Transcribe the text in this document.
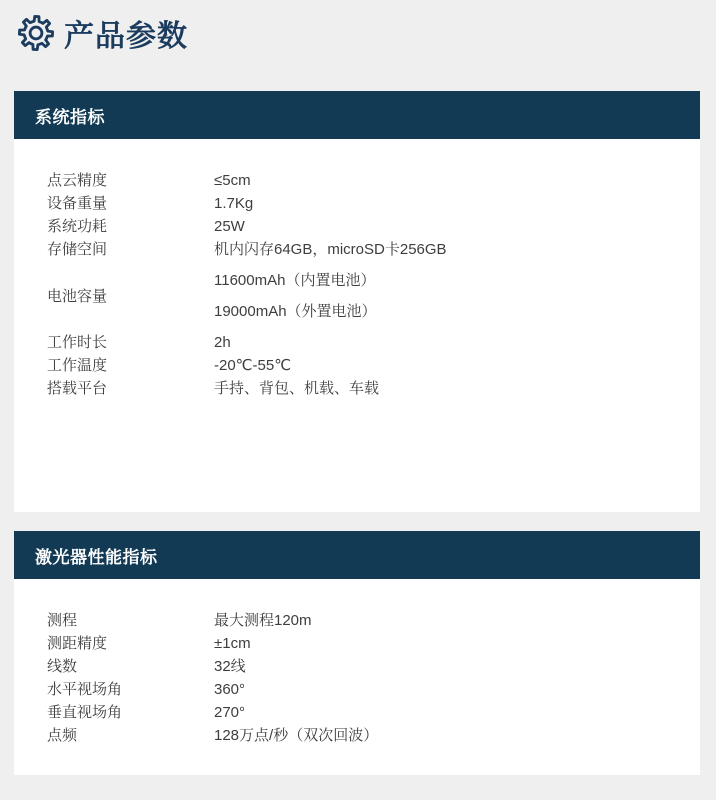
产品参数
系统指标
点云精度	≤5cm

设备重量	1.7Kg

系统功耗	25W

存储空间	机内闪存64GB，microSD卡256GB

电池容量	11600mAh（内置电池）

19000mAh（外置电池）

工作时长	2h

工作温度	-20℃-55℃

搭载平台	手持、背包、机载、车载

激光器性能指标
测程	最大测程120m

测距精度	±1cm

线数	32线

水平视场角	360°

垂直视场角	270°

点频	128万点/秒（双次回波）
